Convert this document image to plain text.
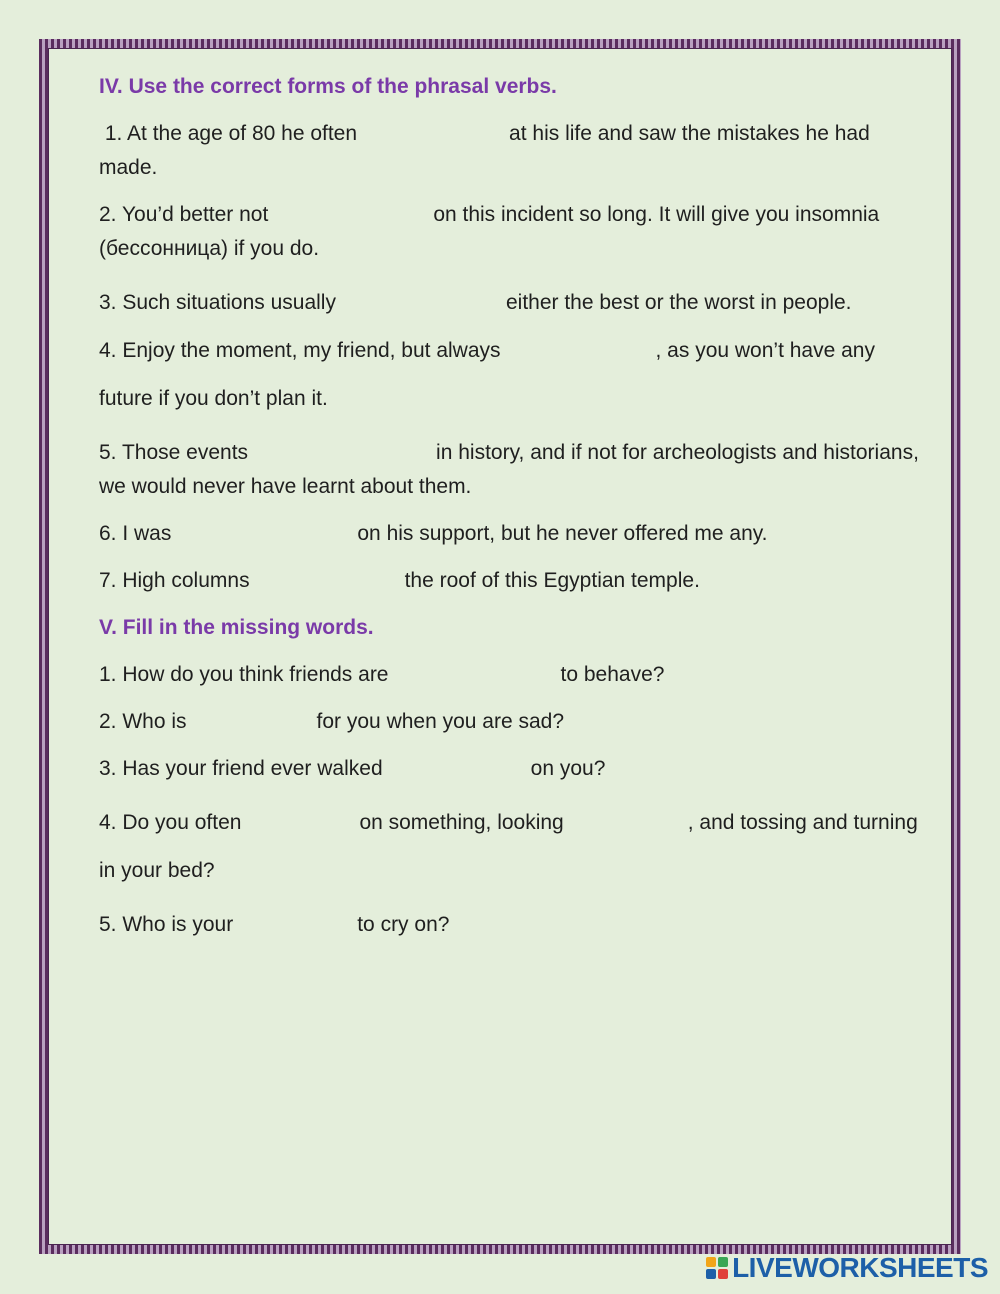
IV. Use the correct forms of the phrasal verbs.
1. At the age of 80 he often	at his life and saw the mistakes he had made.
2. You’d better not	on this incident so long. It will give you insomnia (бессонница) if you do.
3. Such situations usually	either the best or the worst in people.
4. Enjoy the moment, my friend, but always	, as you won’t have any future if you don’t plan it.
5. Those events	in history, and if not for archeologists and historians, we would never have learnt about them.
6. I was	on his support, but he never offered me any.
7. High columns	the roof of this Egyptian temple.
V. Fill in the missing words.
1. How do you think friends are	to behave?
2. Who is	for you when you are sad?
3. Has your friend ever walked	on you?
4. Do you often	on something, looking	, and tossing and turning in your bed?
5. Who is your	to cry on?
LIVEWORKSHEETS
